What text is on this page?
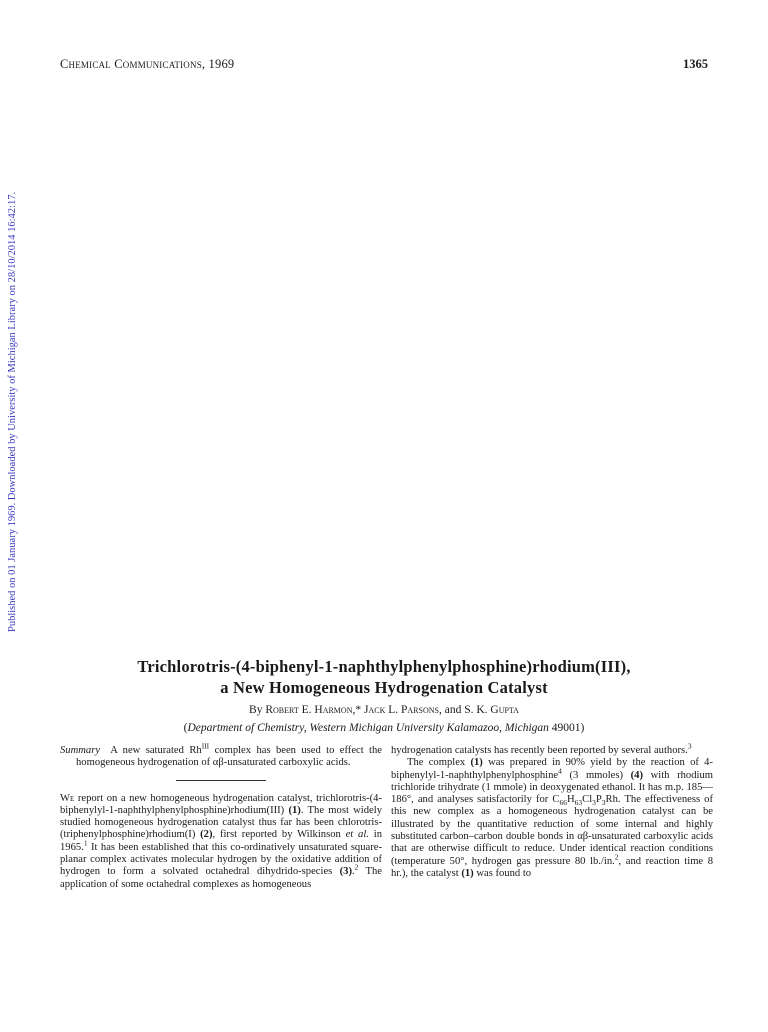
Chemical Communications, 1969	1365
Published on 01 January 1969. Downloaded by University of Michigan Library on 28/10/2014 16:42:17.
Trichlorotris-(4-biphenyl-1-naphthylphenylphosphine)rhodium(III),
a New Homogeneous Hydrogenation Catalyst
By Robert E. Harmon,* Jack L. Parsons, and S. K. Gupta
(Department of Chemistry, Western Michigan University Kalamazoo, Michigan 49001)

Summary A new saturated $Rh^{III}$ complex has been used to effect the homogeneous hydrogenation of αβ-unsaturated carboxylic acids.

We report on a new homogeneous hydrogenation catalyst, trichlorotris-(4-biphenylyl-1-naphthylphenylphosphine)rhodium(III) (1). The most widely studied homogeneous hydrogenation catalyst thus far has been chlorotris-(triphenylphosphine)rhodium(I) (2), first reported by Wilkinson et al. in 1965.$^1$ It has been established that this co-ordinatively unsaturated square-planar complex activates molecular hydrogen by the oxidative addition of hydrogen to form a solvated octahedral dihydrido-species (3).$^2$ The application of some octahedral complexes as homogeneous

hydrogenation catalysts has recently been reported by several authors.$^3$

The complex (1) was prepared in 90% yield by the reaction of 4-biphenylyl-1-naphthylphenylphosphine$^4$ (3 mmoles) (4) with rhodium trichloride trihydrate (1 mmole) in deoxygenated ethanol. It has m.p. 185—186°, and analyses satisfactorily for $C_{66}H_{63}Cl_3P_3Rh$. The effectiveness of this new complex as a homogeneous hydrogenation catalyst can be illustrated by the quantitative reduction of some internal and highly substituted carbon–carbon double bonds in αβ-unsaturated carboxylic acids that are otherwise difficult to reduce. Under identical reaction conditions (temperature 50°, hydrogen gas pressure 80 lb./in.$^2$, and reaction time 8 hr.), the catalyst (1) was found to
